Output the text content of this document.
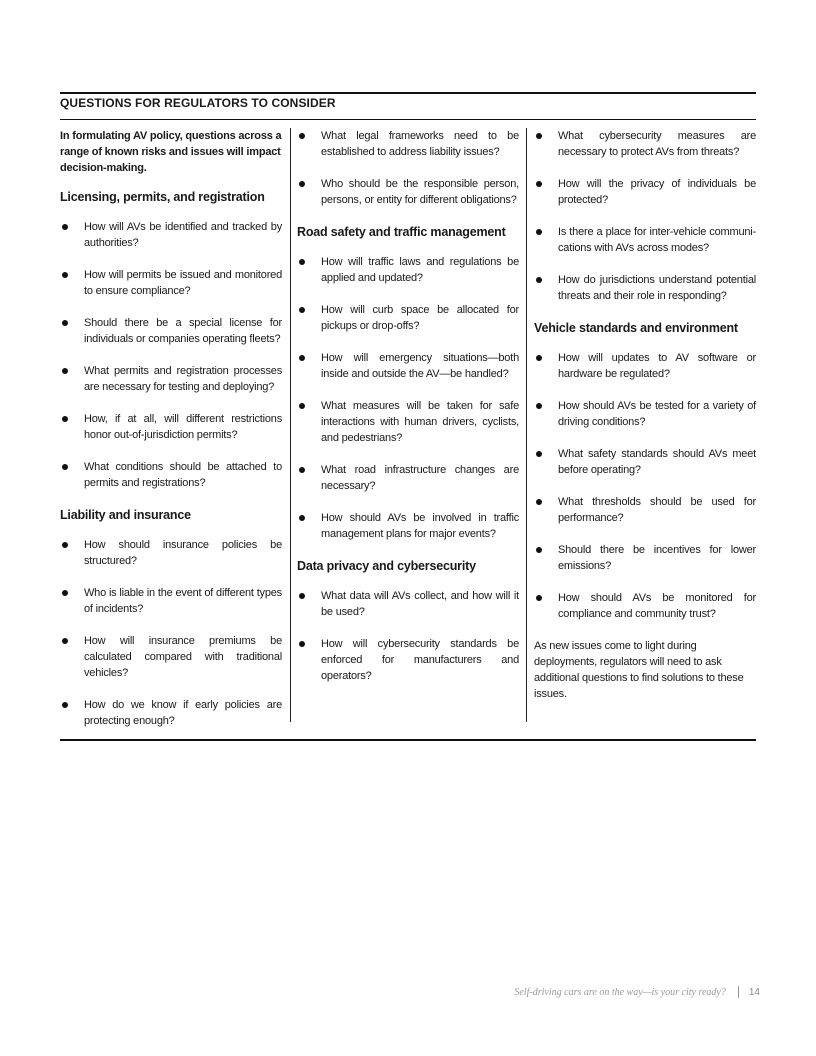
QUESTIONS FOR REGULATORS TO CONSIDER

In formulating AV policy, questions across a range of known risks and issues will impact decision-making.

Licensing, permits, and registration
How will AVs be identified and tracked by authorities?
How will permits be issued and monitored to ensure compliance?
Should there be a special license for individuals or companies operating fleets?
What permits and registration processes are necessary for testing and deploying?
How, if at all, will different restrictions honor out-of-jurisdiction permits?
What conditions should be attached to permits and registrations?
Liability and insurance
How should insurance policies be structured?
Who is liable in the event of different types of incidents?
How will insurance premiums be calculated compared with traditional vehicles?
How do we know if early policies are protecting enough?
What legal frameworks need to be established to address liability issues?
Who should be the responsible person, persons, or entity for different obligations?
Road safety and traffic management
How will traffic laws and regulations be applied and updated?
How will curb space be allocated for pickups or drop-offs?
How will emergency situations—both inside and outside the AV—be handled?
What measures will be taken for safe interactions with human drivers, cyclists, and pedestrians?
What road infrastructure changes are necessary?
How should AVs be involved in traffic management plans for major events?
Data privacy and cybersecurity
What data will AVs collect, and how will it be used?
How will cybersecurity standards be enforced for manufacturers and operators?
What cybersecurity measures are necessary to protect AVs from threats?
How will the privacy of individuals be protected?
Is there a place for inter-vehicle communi-cations with AVs across modes?
How do jurisdictions understand potential threats and their role in responding?
Vehicle standards and environment
How will updates to AV software or hardware be regulated?
How should AVs be tested for a variety of driving conditions?
What safety standards should AVs meet before operating?
What thresholds should be used for performance?
Should there be incentives for lower emissions?
How should AVs be monitored for compliance and community trust?

As new issues come to light during deployments, regulators will need to ask additional questions to find solutions to these issues.

Self-driving cars are on the way—is your city ready? 14
